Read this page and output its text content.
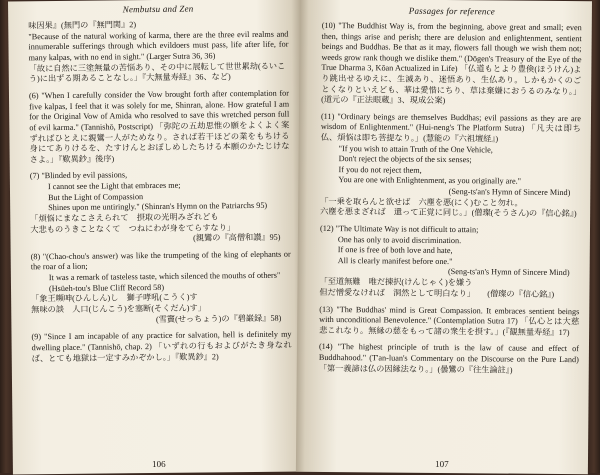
Nembutsu and Zen

味因果』(無門の『無門関』2)

"Because of the natural working of karma, there are the three evil realms and innumerable sufferings through which evildoers must pass, life after life, for many kalpas, with no end in sight." (Larger Sutra 36, 36)

「故に自然に三塗無量の苦悩あり、その中に展転して世世累劫(るいこう)に出ずる期あることなし。」『大無量寿経』36、など)

(6) "When I carefully consider the Vow brought forth after contemplation for five kalpas, I feel that it was solely for me, Shinran, alone. How grateful I am for the Original Vow of Amida who resolved to save this wretched person full of evil karma." (Tannishō, Postscript) 「弥陀の五劫思惟の願をよくよく案ずればひとえに親鸞一人がためなり。されば若干ほどの業をもちける身にてありけるを、たすけんとおぼしめしたちける本願のかたじけなさよ。」『歎異鈔』後序)

(7) "Blinded by evil passions,

I cannot see the Light that embraces me;

But the Light of Compassion

Shines upon me untiringly." (Shinran's Hymn on the Patriarchs 95)

「煩悩にまなこさえられて　摂取の光明みざれども

大悲ものうきことなくて　つねにわが身をてらすなり」

(親鸞の『高僧和讃』95)

(8) "(Chao-chou's answer) was like the trumpeting of the king of elephants or the roar of a lion;

It was a remark of tasteless taste, which silenced the mouths of others" (Hsüeh-tou's Blue Cliff Record 58)

「象王嚬呻(ひんしん)し　獅子哮吼(こうく)す

無味の談　人口(じんこう)を塞断(そくだん)す」

(雪竇(せっちょう)の『碧巌録』58)

(9) "Since I am incapable of any practice for salvation, hell is definitely my dwelling place." (Tannishō, chap. 2) 「いずれの行もおよびがたき身なれば、とても地獄は一定すみかぞかし。」『歎異鈔』2)

106
Passages for reference

(10) "The Buddhist Way is, from the beginning, above great and small; even then, things arise and perish; there are delusion and enlightenment, sentient beings and Buddhas. Be that as it may, flowers fall though we wish them not; weeds grow rank though we dislike them." (Dōgen's Treasury of the Eye of the True Dharma 3, Kōan Actualized in Life) 「仏道もとより豊倹(ほうけん)より跳出せるゆえに、生滅あり、迷悟あり、生仏あり。しかもかくのごとくなりといえども、華は愛惜にちり、草は棄嫌におうるのみなり。」(道元の『正法眼蔵』3、現成公案)

(11) "Ordinary beings are themselves Buddhas; evil passions as they are are wisdom of Enlightenment." (Hui-neng's The Platform Sutra) 「凡夫は即ち仏、煩悩は即ち菩提なり。」(慧能の『六祖壇経』)

"If you wish to attain Truth of the One Vehicle,

Don't reject the objects of the six senses;

If you do not reject them,

You are one with Enlightenment, as you originally are."

(Seng-ts'an's Hymn of Sincere Mind)

「一乗を取らんと欲せば　六塵を悪(にく)むこと勿れ。

六塵を悪まざれば　還って正覚に同じ。」(僧璨(そうさん)の『信心銘』)

(12) "The Ultimate Way is not difficult to attain;

One has only to avoid discrimination.

If one is free of both love and hate,

All is clearly manifest before one."

(Seng-ts'an's Hymn of Sincere Mind)

「至道無難　唯だ揀択(けんじゃく)を嫌う

但だ憎愛なければ　洞然として明白なり」　　(僧璨の『信心銘』)

(13) "The Buddhas' mind is Great Compassion. It embraces sentient beings with unconditional Benevolence." (Contemplation Sutra 17) 「仏心とは大慈悲これなり。無縁の慈をもって諸の衆生を摂す。」(『観無量寿経』17)

(14) "The highest principle of truth is the law of cause and effect of Buddhahood." (T'an-luan's Commentary on the Discourse on the Pure Land) 「第一義諦は仏の因縁法なり。」(曇鸞の『往生論註』)

107
